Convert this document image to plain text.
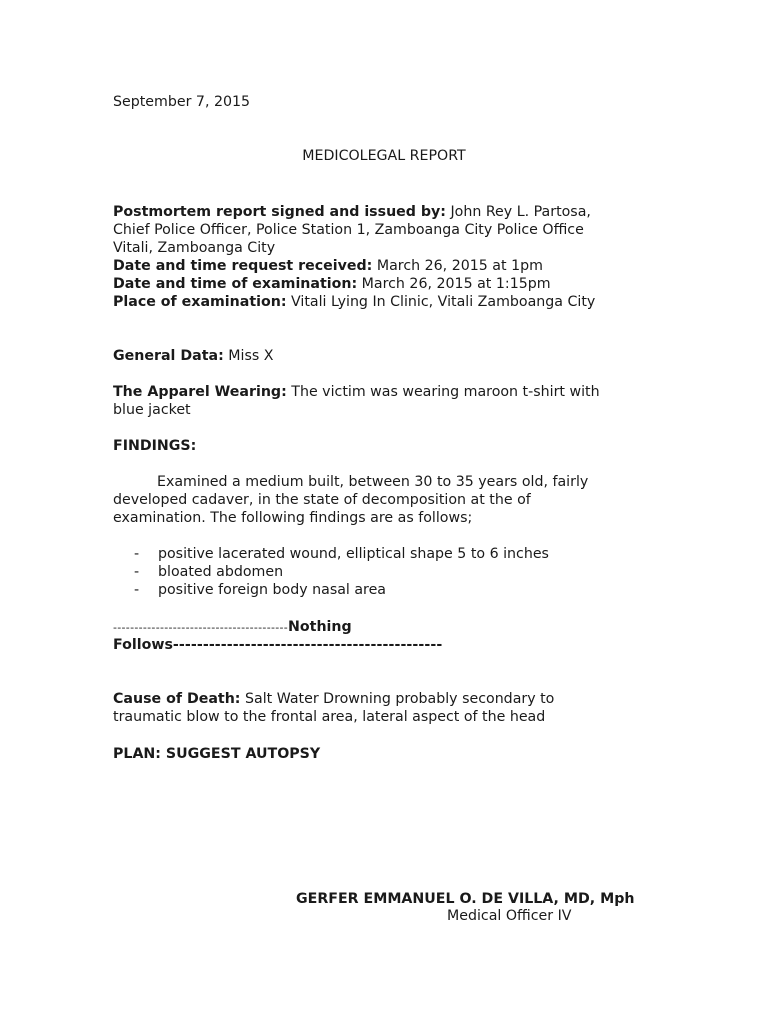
September 7, 2015
MEDICOLEGAL REPORT
Postmortem report signed and issued by: John Rey L. Partosa,
Chief Police Officer, Police Station 1, Zamboanga City Police Office
Vitali, Zamboanga City
Date and time request received: March 26, 2015 at 1pm
Date and time of examination: March 26, 2015 at 1:15pm
Place of examination: Vitali Lying In Clinic, Vitali Zamboanga City
General Data: Miss X
The Apparel Wearing: The victim was wearing maroon t-shirt with
blue jacket
FINDINGS:
Examined a medium built, between 30 to 35 years old, fairly
developed cadaver, in the state of decomposition at the of
examination. The following findings are as follows;
- positive lacerated wound, elliptical shape 5 to 6 inches
- bloated abdomen
- positive foreign body nasal area
-----------------------------------------Nothing
Follows---------------------------------------------
Cause of Death: Salt Water Drowning probably secondary to
traumatic blow to the frontal area, lateral aspect of the head
PLAN: SUGGEST AUTOPSY
GERFER EMMANUEL O. DE VILLA, MD, Mph
Medical Officer IV
